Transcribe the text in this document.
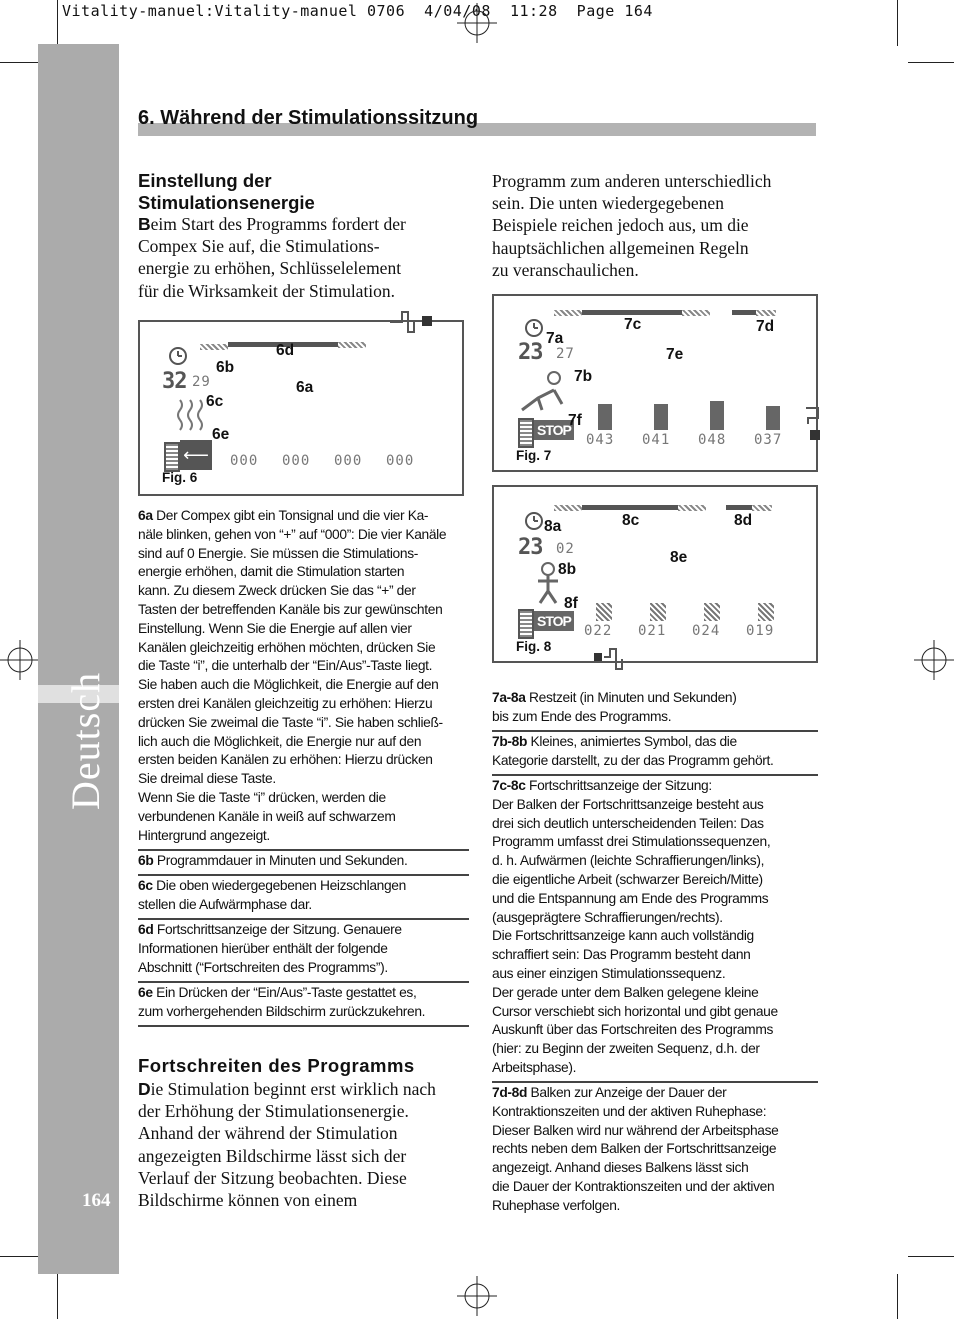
Vitality-manuel:Vitality-manuel 0706  4/04/08  11:28  Page 164
Deutsch
164
6. Während der Stimulationssitzung
Einstellung der
Stimulationsenergie
Beim Start des Programms fordert der
Compex Sie auf, die Stimulations-
energie zu erhöhen, Schlüsselelement
für die Wirksamkeit der Stimulation.
32 29
⟵ 000 000 000 000
6a
6b
6c
6d
6e
Fig. 6
6a Der Compex gibt ein Tonsignal und die vier Ka-
näle blinken, gehen von “+” auf “000”: Die vier Kanäle
sind auf 0 Energie. Sie müssen die Stimulations-
energie erhöhen, damit die Stimulation starten
kann. Zu diesem Zweck drücken Sie das “+” der
Tasten der betreffenden Kanäle bis zur gewünschten
Einstellung. Wenn Sie die Energie auf allen vier
Kanälen gleichzeitig erhöhen möchten, drücken Sie
die Taste “i”, die unterhalb der “Ein/Aus”-Taste liegt.
Sie haben auch die Möglichkeit, die Energie auf den
ersten drei Kanälen gleichzeitig zu erhöhen: Hierzu
drücken Sie zweimal die Taste “i”. Sie haben schließ-
lich auch die Möglichkeit, die Energie nur auf den
ersten beiden Kanälen zu erhöhen: Hierzu drücken
Sie dreimal diese Taste.
Wenn Sie die Taste “i” drücken, werden die
verbundenen Kanäle in weiß auf schwarzem
Hintergrund angezeigt.
6b Programmdauer in Minuten und Sekunden.
6c Die oben wiedergegebenen Heizschlangen
stellen die Aufwärmphase dar.
6d Fortschrittsanzeige der Sitzung. Genauere
Informationen hierüber enthält der folgende
Abschnitt (“Fortschreiten des Programms”).
6e Ein Drücken der “Ein/Aus”-Taste gestattet es,
zum vorhergehenden Bildschirm zurückzukehren.
Fortschreiten des Programms
Die Stimulation beginnt erst wirklich nach
der Erhöhung der Stimulationsenergie.
Anhand der während der Stimulation
angezeigten Bildschirme lässt sich der
Verlauf der Sitzung beobachten. Diese
Bildschirme können von einem
Programm zum anderen unterschiedlich
sein. Die unten wiedergegebenen
Beispiele reichen jedoch aus, um die
hauptsächlichen allgemeinen Regeln
zu veranschaulichen.
23 27
STOP
043 041 048 037
7a
7b
7c	7d
7e
7f
Fig. 7
23 02
STOP
022 021 024 019
8a
8b
8c	8d
8e
8f
Fig. 8
7a-8a Restzeit (in Minuten und Sekunden)
bis zum Ende des Programms.
7b-8b Kleines, animiertes Symbol, das die
Kategorie darstellt, zu der das Programm gehört.
7c-8c Fortschrittsanzeige der Sitzung:
Der Balken der Fortschrittsanzeige besteht aus
drei sich deutlich unterscheidenden Teilen: Das
Programm umfasst drei Stimulationssequenzen,
d. h. Aufwärmen (leichte Schraffierungen/links),
die eigentliche Arbeit (schwarzer Bereich/Mitte)
und die Entspannung am Ende des Programms
(ausgeprägtere Schraffierungen/rechts).
Die Fortschrittsanzeige kann auch vollständig
schraffiert sein: Das Programm besteht dann
aus einer einzigen Stimulationssequenz.
Der gerade unter dem Balken gelegene kleine
Cursor verschiebt sich horizontal und gibt genaue
Auskunft über das Fortschreiten des Programms
(hier: zu Beginn der zweiten Sequenz, d.h. der
Arbeitsphase).
7d-8d Balken zur Anzeige der Dauer der
Kontraktionszeiten und der aktiven Ruhephase:
Dieser Balken wird nur während der Arbeitsphase
rechts neben dem Balken der Fortschrittsanzeige
angezeigt. Anhand dieses Balkens lässt sich
die Dauer der Kontraktionszeiten und der aktiven
Ruhephase verfolgen.
